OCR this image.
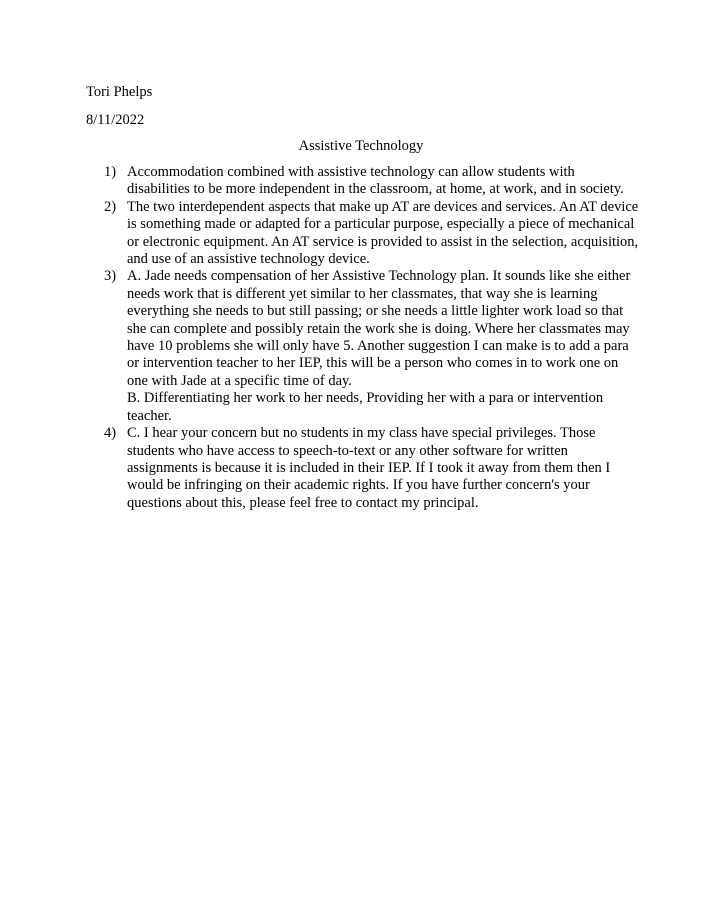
Tori Phelps
8/11/2022
Assistive Technology
1) Accommodation combined with assistive technology can allow students with disabilities to be more independent in the classroom, at home, at work, and in society.
2) The two interdependent aspects that make up AT are devices and services. An AT device is something made or adapted for a particular purpose, especially a piece of mechanical or electronic equipment. An AT service is provided to assist in the selection, acquisition, and use of an assistive technology device.
3) A. Jade needs compensation of her Assistive Technology plan. It sounds like she either needs work that is different yet similar to her classmates, that way she is learning everything she needs to but still passing; or she needs a little lighter work load so that she can complete and possibly retain the work she is doing. Where her classmates may have 10 problems she will only have 5. Another suggestion I can make is to add a para or intervention teacher to her IEP, this will be a person who comes in to work one on one with Jade at a specific time of day.
B. Differentiating her work to her needs, Providing her with a para or intervention teacher.
4) C. I hear your concern but no students in my class have special privileges. Those students who have access to speech-to-text or any other software for written assignments is because it is included in their IEP. If I took it away from them then I would be infringing on their academic rights. If you have further concern's your questions about this, please feel free to contact my principal.
